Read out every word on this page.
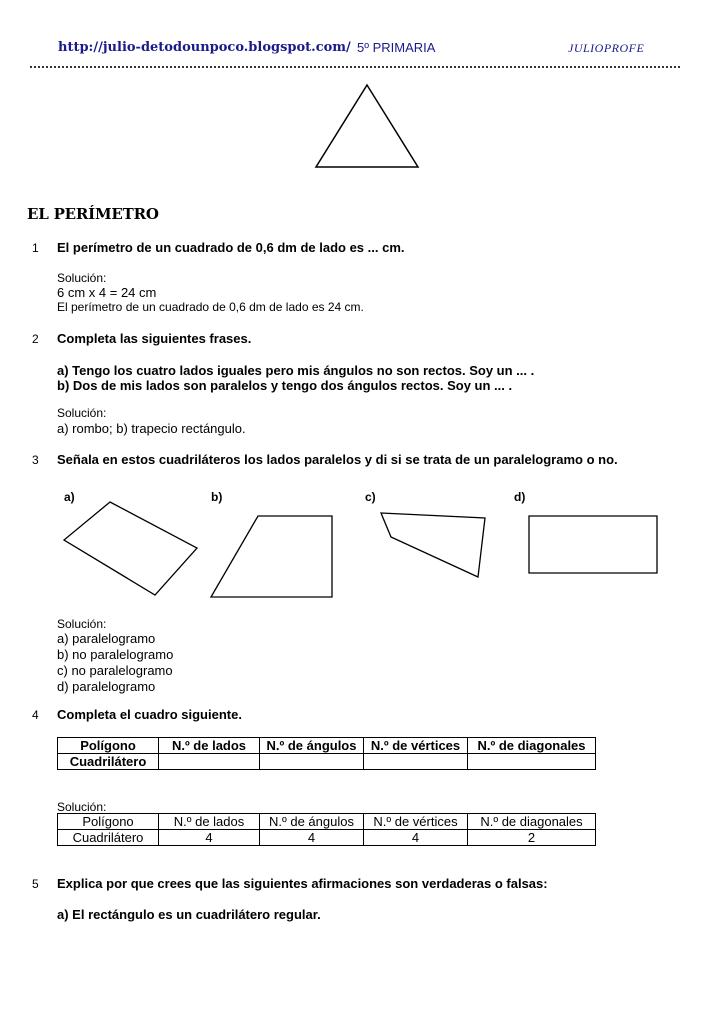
http://julio-detodounpoco.blogspot.com/ 5º PRIMARIA	JULIOPROFE
EL PERÍMETRO
1 El perímetro de un cuadrado de 0,6 dm de lado es ... cm.
Solución:
6 cm x 4 = 24 cm
El perímetro de un cuadrado de 0,6 dm de lado es 24 cm.
2 Completa las siguientes frases.
a) Tengo los cuatro lados iguales pero mis ángulos no son rectos. Soy un ... .
b) Dos de mis lados son paralelos y tengo dos ángulos rectos. Soy un ... .
Solución:
a) rombo; b) trapecio rectángulo.
3 Señala en estos cuadriláteros los lados paralelos y di si se trata de un paralelogramo o no.
a)	b)	c)	d)
Solución:
a) paralelogramo
b) no paralelogramo
c) no paralelogramo
d) paralelogramo
4 Completa el cuadro siguiente.
Polígono	N.º de lados	N.º de ángulos	N.º de vértices	N.º de diagonales
Cuadrilátero				
Solución:
Polígono	N.º de lados	N.º de ángulos	N.º de vértices	N.º de diagonales
Cuadrilátero	4	4	4	2
5 Explica por que crees que las siguientes afirmaciones son verdaderas o falsas:
a) El rectángulo es un cuadrilátero regular.
